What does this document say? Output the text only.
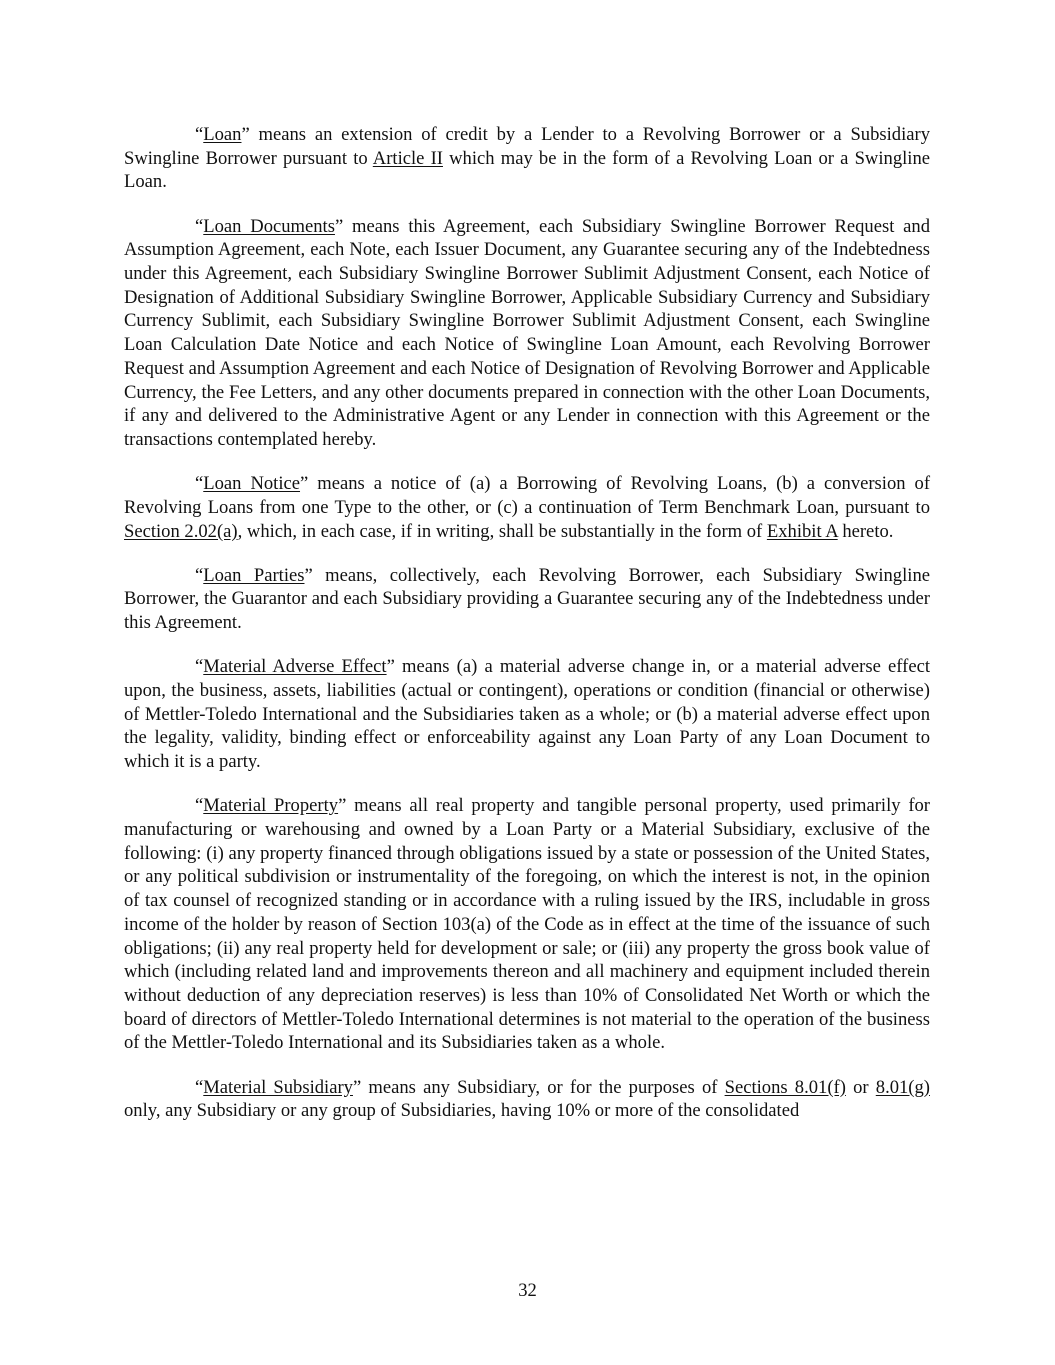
“Loan” means an extension of credit by a Lender to a Revolving Borrower or a Subsidiary Swingline Borrower pursuant to Article II which may be in the form of a Revolving Loan or a Swingline Loan.

“Loan Documents” means this Agreement, each Subsidiary Swingline Borrower Request and Assumption Agreement, each Note, each Issuer Document, any Guarantee securing any of the Indebtedness under this Agreement, each Subsidiary Swingline Borrower Sublimit Adjustment Consent, each Notice of Designation of Additional Subsidiary Swingline Borrower, Applicable Subsidiary Currency and Subsidiary Currency Sublimit, each Subsidiary Swingline Borrower Sublimit Adjustment Consent, each Swingline Loan Calculation Date Notice and each Notice of Swingline Loan Amount, each Revolving Borrower Request and Assumption Agreement and each Notice of Designation of Revolving Borrower and Applicable Currency, the Fee Letters, and any other documents prepared in connection with the other Loan Documents, if any and delivered to the Administrative Agent or any Lender in connection with this Agreement or the transactions contemplated hereby.

“Loan Notice” means a notice of (a) a Borrowing of Revolving Loans, (b) a conversion of Revolving Loans from one Type to the other, or (c) a continuation of Term Benchmark Loan, pursuant to Section 2.02(a), which, in each case, if in writing, shall be substantially in the form of Exhibit A hereto.

“Loan Parties” means, collectively, each Revolving Borrower, each Subsidiary Swingline Borrower, the Guarantor and each Subsidiary providing a Guarantee securing any of the Indebtedness under this Agreement.

“Material Adverse Effect” means (a) a material adverse change in, or a material adverse effect upon, the business, assets, liabilities (actual or contingent), operations or condition (financial or otherwise) of Mettler-Toledo International and the Subsidiaries taken as a whole; or (b) a material adverse effect upon the legality, validity, binding effect or enforceability against any Loan Party of any Loan Document to which it is a party.

“Material Property” means all real property and tangible personal property, used primarily for manufacturing or warehousing and owned by a Loan Party or a Material Subsidiary, exclusive of the following: (i) any property financed through obligations issued by a state or possession of the United States, or any political subdivision or instrumentality of the foregoing, on which the interest is not, in the opinion of tax counsel of recognized standing or in accordance with a ruling issued by the IRS, includable in gross income of the holder by reason of Section 103(a) of the Code as in effect at the time of the issuance of such obligations; (ii) any real property held for development or sale; or (iii) any property the gross book value of which (including related land and improvements thereon and all machinery and equipment included therein without deduction of any depreciation reserves) is less than 10% of Consolidated Net Worth or which the board of directors of Mettler-Toledo International determines is not material to the operation of the business of the Mettler-Toledo International and its Subsidiaries taken as a whole.

“Material Subsidiary” means any Subsidiary, or for the purposes of Sections 8.01(f) or 8.01(g) only, any Subsidiary or any group of Subsidiaries, having 10% or more of the consolidated

32
